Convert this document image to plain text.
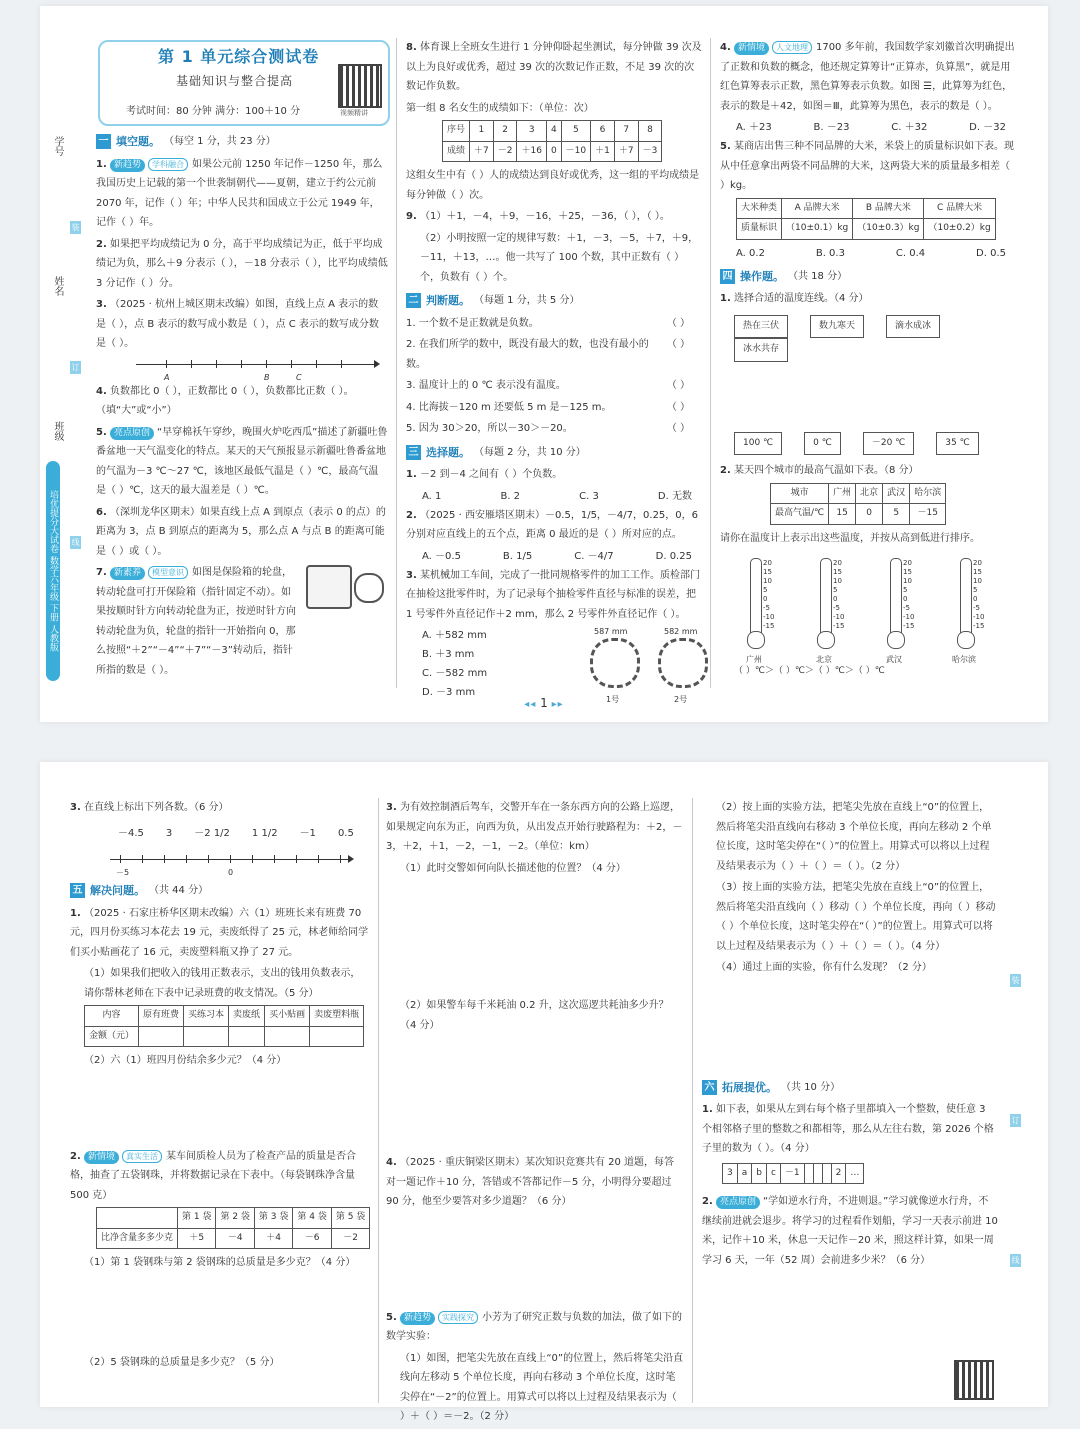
学号
姓名
班级
培优提分大试卷 数学六年级 下册 人教版
装
订
线
第 1 单元综合测试卷
基础知识与整合提高
考试时间：80 分钟 满分：100＋10 分	视频精讲
一 填空题。 （每空 1 分，共 23 分）
1. 新趋势 学科融合 如果公元前 1250 年记作－1250 年，那么我国历史上记载的第一个世袭制朝代——夏朝，建立于约公元前 2070 年，记作（ ）年；中华人民共和国成立于公元 1949 年，记作（ ）年。
2. 如果把平均成绩记为 0 分，高于平均成绩记为正，低于平均成绩记为负，那么＋9 分表示（ ），－18 分表示（ ），比平均成绩低 3 分记作（ ）分。
3. （2025 · 杭州上城区期末改编）如图，直线上点 A 表示的数是（ ），点 B 表示的数写成小数是（ ），点 C 表示的数写成分数是（ ）。
A	B	C
4. 负数都比 0（ ），正数都比 0（ ），负数都比正数（ ）。（填“大”或“小”）
5. 亮点原创 “早穿棉袄午穿纱，晚围火炉吃西瓜”描述了新疆吐鲁番盆地一天气温变化的特点。某天的天气预报显示新疆吐鲁番盆地的气温为－3 ℃～27 ℃，该地区最低气温是（ ）℃，最高气温是（ ）℃，这天的最大温差是（ ）℃。
6. （深圳龙华区期末）如果直线上点 A 到原点（表示 0 的点）的距离为 3，点 B 到原点的距离为 5，那么点 A 与点 B 的距离可能是（ ）或（ ）。
7. 新素养 模型意识 如图是保险箱的轮盘，转动轮盘可打开保险箱（指针固定不动）。如果按顺时针方向转动轮盘为正，按逆时针方向转动轮盘为负，轮盘的指针一开始指向 0，那么按照“＋2”“－4”“＋7”“－3”转动后，指针所指的数是（ ）。
8. 体育课上全班女生进行 1 分钟仰卧起坐测试，每分钟做 39 次及以上为良好或优秀，超过 39 次的次数记作正数，不足 39 次的次数记作负数。
第一组 8 名女生的成绩如下：（单位：次）
序号	1	2	3	4	5	6	7	8
成绩	＋7	－2	＋16	0	－10	＋1	＋7	－3
这组女生中有（ ）人的成绩达到良好或优秀，这一组的平均成绩是每分钟做（ ）次。
9. （1）＋1，－4，＋9，－16，＋25，－36，（ ），（ ）。
（2）小明按照一定的规律写数：＋1，－3，－5，＋7，＋9，－11，＋13，…。他一共写了 100 个数，其中正数有（ ）个，负数有（ ）个。
二 判断题。 （每题 1 分，共 5 分）
（ ）
1. 一个数不是正数就是负数。
（ ）
2. 在我们所学的数中，既没有最大的数，也没有最小的数。
（ ）
3. 温度计上的 0 ℃ 表示没有温度。
（ ）
4. 比海拔－120 m 还要低 5 m 是－125 m。
（ ）
5. 因为 30＞20，所以－30＞－20。
三 选择题。 （每题 2 分，共 10 分）
1. －2 到－4 之间有（ ）个负数。
A. 1	B. 2	C. 3	D. 无数
2. （2025 · 西安雁塔区期末）－0.5，1/5，－4/7，0.25，0，6 分别对应直线上的五个点，距离 0 最近的是（ ）所对应的点。
A. －0.5	B. 1/5	C. －4/7	D. 0.25
3. 某机械加工车间，完成了一批同规格零件的加工工作。质检部门在抽检这批零件时，为了记录每个抽检零件直径与标准的误差，把 1 号零件外直径记作＋2 mm，那么 2 号零件外直径记作（ ）。
A. ＋582 mm
B. ＋3 mm
C. －582 mm
D. －3 mm
587 mm	582 mm
1号	2号
4. 新情境 人文地理 1700 多年前，我国数学家刘徽首次明确提出了正数和负数的概念，他还规定算筹计“正算赤，负算黑”，就是用红色算筹表示正数，黑色算筹表示负数。如图 ☰，此算筹为红色，表示的数是＋42，如图＝Ⅲ，此算筹为黑色，表示的数是（ ）。
A. ＋23	B. －23	C. ＋32	D. －32
5. 某商店出售三种不同品牌的大米，米袋上的质量标识如下表。现从中任意拿出两袋不同品牌的大米，这两袋大米的质量最多相差（ ）kg。
大米种类	A 品牌大米	B 品牌大米	C 品牌大米
质量标识	（10±0.1）kg	（10±0.3）kg	（10±0.2）kg
A. 0.2	B. 0.3	C. 0.4	D. 0.5
四 操作题。 （共 18 分）
1. 选择合适的温度连线。（4 分）
热在三伏	数九寒天	滴水成冰冰水共存
100 ℃	0 ℃	－20 ℃	35 ℃
2. 某天四个城市的最高气温如下表。（8 分）
城市	广州	北京	武汉	哈尔滨
最高气温/℃	15	0	5	－15
请你在温度计上表示出这些温度，并按从高到低进行排序。
20
15
10
5
0
-5
-10
-15
20
15
10
5
0
-5
-10
-15
20
15
10
5
0
-5
-10
-15
20
15
10
5
0
-5
-10
-15
广州	北京	武汉	哈尔滨
（ ）℃＞（ ）℃＞（ ）℃＞（ ）℃
◂◂ 1 ▸▸
3. 在直线上标出下列各数。（6 分）
－4.5 3 －2 1/2 1 1/2 －1 0.5
－5	0
五 解决问题。 （共 44 分）
1. （2025 · 石家庄桥华区期末改编）六（1）班班长来有班费 70 元，四月份买练习本花去 19 元，卖废纸得了 25 元，林老师给同学们买小贴画花了 16 元，卖废塑料瓶又挣了 27 元。
（1）如果我们把收入的钱用正数表示，支出的钱用负数表示，请你帮林老师在下表中记录班费的收支情况。（5 分）
内容	原有班费	买练习本	卖废纸	买小贴画	卖废塑料瓶
金额（元）					
（2）六（1）班四月份结余多少元？（4 分）
2. 新情境 真实生活 某车间质检人员为了检查产品的质量是否合格，抽查了五袋钢珠，并将数据记录在下表中。（每袋钢珠净含量 500 克）
	第 1 袋	第 2 袋	第 3 袋	第 4 袋	第 5 袋
比净含量多多少克	＋5	－4	＋4	－6	－2
（1）第 1 袋钢珠与第 2 袋钢珠的总质量是多少克？（4 分）
（2）5 袋钢珠的总质量是多少克？（5 分）
3. 为有效控制酒后驾车，交警开车在一条东西方向的公路上巡逻，如果规定向东为正，向西为负，从出发点开始行驶路程为：＋2，－3，＋2，＋1，－2，－1，－2。（单位：km）
（1）此时交警如何向队长描述他的位置？（4 分）
（2）如果警车每千米耗油 0.2 升，这次巡逻共耗油多少升？（4 分）
4. （2025 · 重庆铜梁区期末）某次知识竞赛共有 20 道题，每答对一题记作＋10 分，答错或不答都记作－5 分，小明得分要超过 90 分，他至少要答对多少道题？（6 分）
5. 新趋势 实践探究 小芳为了研究正数与负数的加法，做了如下的数学实验：
（1）如图，把笔尖先放在直线上“0”的位置上，然后将笔尖沿直线向左移动 5 个单位长度，再向右移动 3 个单位长度，这时笔尖停在“－2”的位置上。用算式可以将以上过程及结果表示为（ ）＋（ ）＝－2。（2 分）
（2）按上面的实验方法，把笔尖先放在直线上“0”的位置上，然后将笔尖沿直线向右移动 3 个单位长度，再向左移动 2 个单位长度，这时笔尖停在“（ ）”的位置上。用算式可以将以上过程及结果表示为（ ）＋（ ）＝（ ）。（2 分）
（3）按上面的实验方法，把笔尖先放在直线上“0”的位置上，然后将笔尖沿直线向（ ）移动（ ）个单位长度，再向（ ）移动（ ）个单位长度，这时笔尖停在“（ ）”的位置上。用算式可以将以上过程及结果表示为（ ）＋（ ）＝（ ）。（4 分）
（4）通过上面的实验，你有什么发现？（2 分）
六 拓展提优。 （共 10 分）
1. 如下表，如果从左到右每个格子里都填入一个整数，使任意 3 个相邻格子里的整数之和都相等，那么从左往右数，第 2026 个格子里的数为（ ）。（4 分）
3	a	b	c	－1				2	…
2. 亮点原创 “学如逆水行舟，不进则退。”学习就像逆水行舟，不继续前进就会退步。将学习的过程看作划船，学习一天表示前进 10 米，记作＋10 米，休息一天记作－20 米，照这样计算，如果一周学习 6 天，一年（52 周）会前进多少米？（6 分）
装
订
线
